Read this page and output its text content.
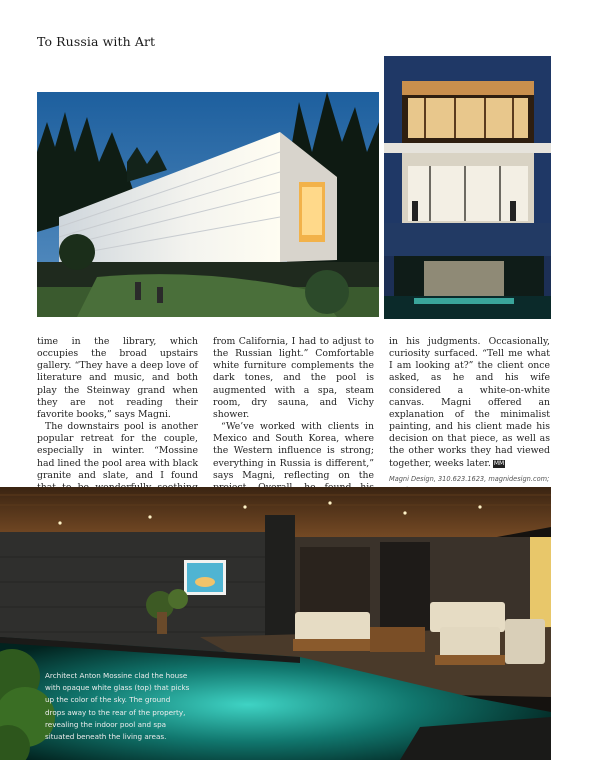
To Russia with Art

time in the library, which occupies the broad upstairs gallery. “They have a deep love of literature and music, and both play the Steinway grand when they are not reading their favorite books,” says Magni.

The downstairs pool is another popular retreat for the couple, especially in winter. “Mossine had lined the pool area with black granite and slate, and I found

from California, I had to adjust to the Russian light.” Comfortable white furniture complements the dark tones, and the pool is augmented with a spa, steam room, dry sauna, and Vichy shower.

“We’ve worked with clients in Mexico and South Korea, where the Western influence is strong; everything in Russia is different,” says Magni, reflecting on the

in his judgments. Occasionally, curiosity surfaced. “Tell me what I am looking at?” the client once asked, as he and his wife considered a white-on-white canvas. Magni offered an explanation of the minimalist painting, and his client made his decision on that piece, as well as the other works they had viewed together, weeks later. MM

Magni Design, 310.623.1623, magnidesign.com;

Architect Anton Mossine clad the house with opaque white glass (top) that picks up the color of the sky. The ground drops away to the rear of the property, revealing the indoor pool and spa situated beneath the living areas.
